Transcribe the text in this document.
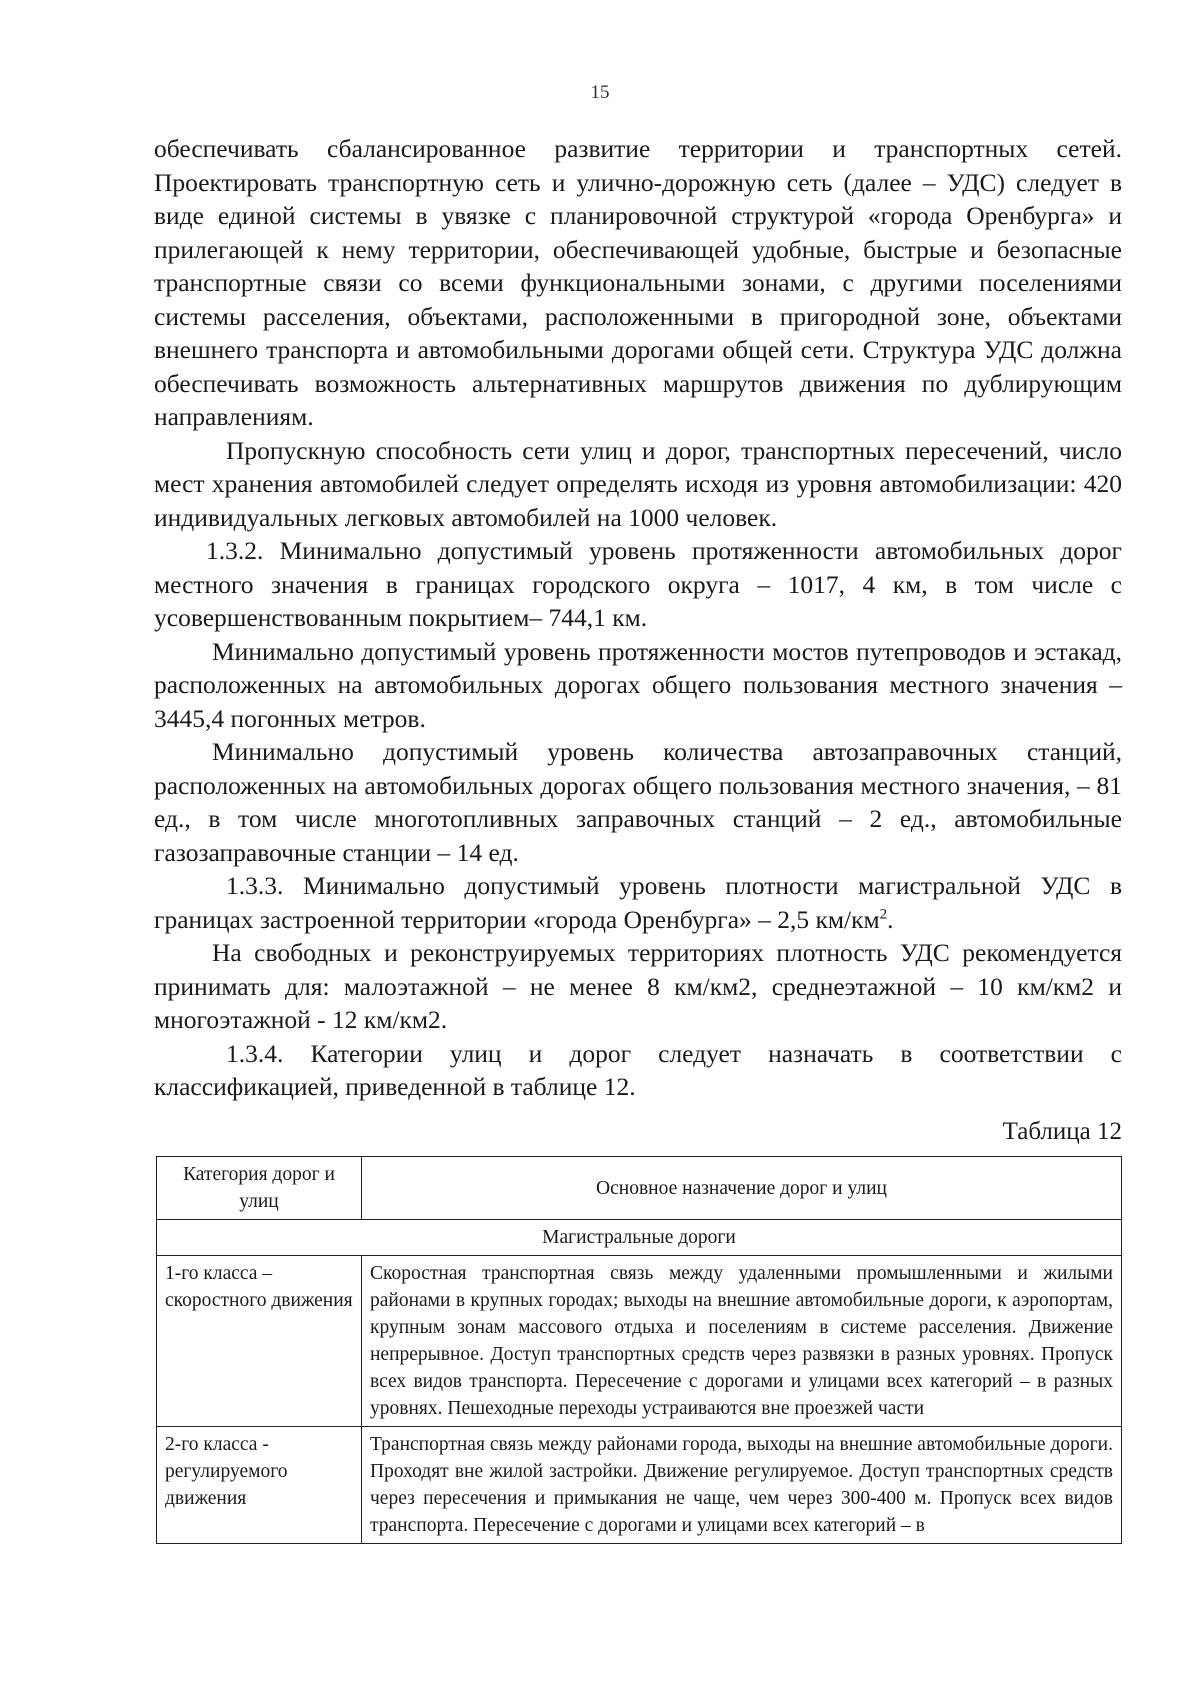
15

обеспечивать сбалансированное развитие территории и транспортных сетей. Проектировать транспортную сеть и улично-дорожную сеть (далее – УДС) следует в виде единой системы в увязке с планировочной структурой «города Оренбурга» и прилегающей к нему территории, обеспечивающей удобные, быстрые и безопасные транспортные связи со всеми функциональными зонами, с другими поселениями системы расселения, объектами, расположенными в пригородной зоне, объектами внешнего транспорта и автомобильными дорогами общей сети. Структура УДС должна обеспечивать возможность альтернативных маршрутов движения по дублирующим направлениям.

Пропускную способность сети улиц и дорог, транспортных пересечений, число мест хранения автомобилей следует определять исходя из уровня автомобилизации: 420 индивидуальных легковых автомобилей на 1000 человек.

1.3.2. Минимально допустимый уровень протяженности автомобильных дорог местного значения в границах городского округа – 1017, 4 км, в том числе с усовершенствованным покрытием– 744,1 км.

Минимально допустимый уровень протяженности мостов путепроводов и эстакад, расположенных на автомобильных дорогах общего пользования местного значения – 3445,4 погонных метров.

Минимально допустимый уровень количества автозаправочных станций, расположенных на автомобильных дорогах общего пользования местного значения, – 81 ед., в том числе многотопливных заправочных станций – 2 ед., автомобильные газозаправочные станции – 14 ед.

1.3.3. Минимально допустимый уровень плотности магистральной УДС в границах застроенной территории «города Оренбурга» – 2,5 $км/км^2$.

На свободных и реконструируемых территориях плотность УДС рекомендуется принимать для: малоэтажной – не менее 8 км/км2, среднеэтажной – 10 км/км2 и многоэтажной - 12 км/км2.

1.3.4. Категории улиц и дорог следует назначать в соответствии с классификацией, приведенной в таблице 12.

Таблица 12
Категория дорог и улиц	Основное назначение дорог и улиц
Магистральные дороги	
1-го класса – скоростного движения	Скоростная транспортная связь между удаленными промышленными и жилыми районами в крупных городах; выходы на внешние автомобильные дороги, к аэропортам, крупным зонам массового отдыха и поселениям в системе расселения. Движение непрерывное. Доступ транспортных средств через развязки в разных уровнях. Пропуск всех видов транспорта. Пересечение с дорогами и улицами всех категорий – в разных уровнях. Пешеходные переходы устраиваются вне проезжей части
2-го класса - регулируемого движения	Транспортная связь между районами города, выходы на внешние автомобильные дороги. Проходят вне жилой застройки. Движение регулируемое. Доступ транспортных средств через пересечения и примыкания не чаще, чем через 300-400 м. Пропуск всех видов транспорта. Пересечение с дорогами и улицами всех категорий – в
